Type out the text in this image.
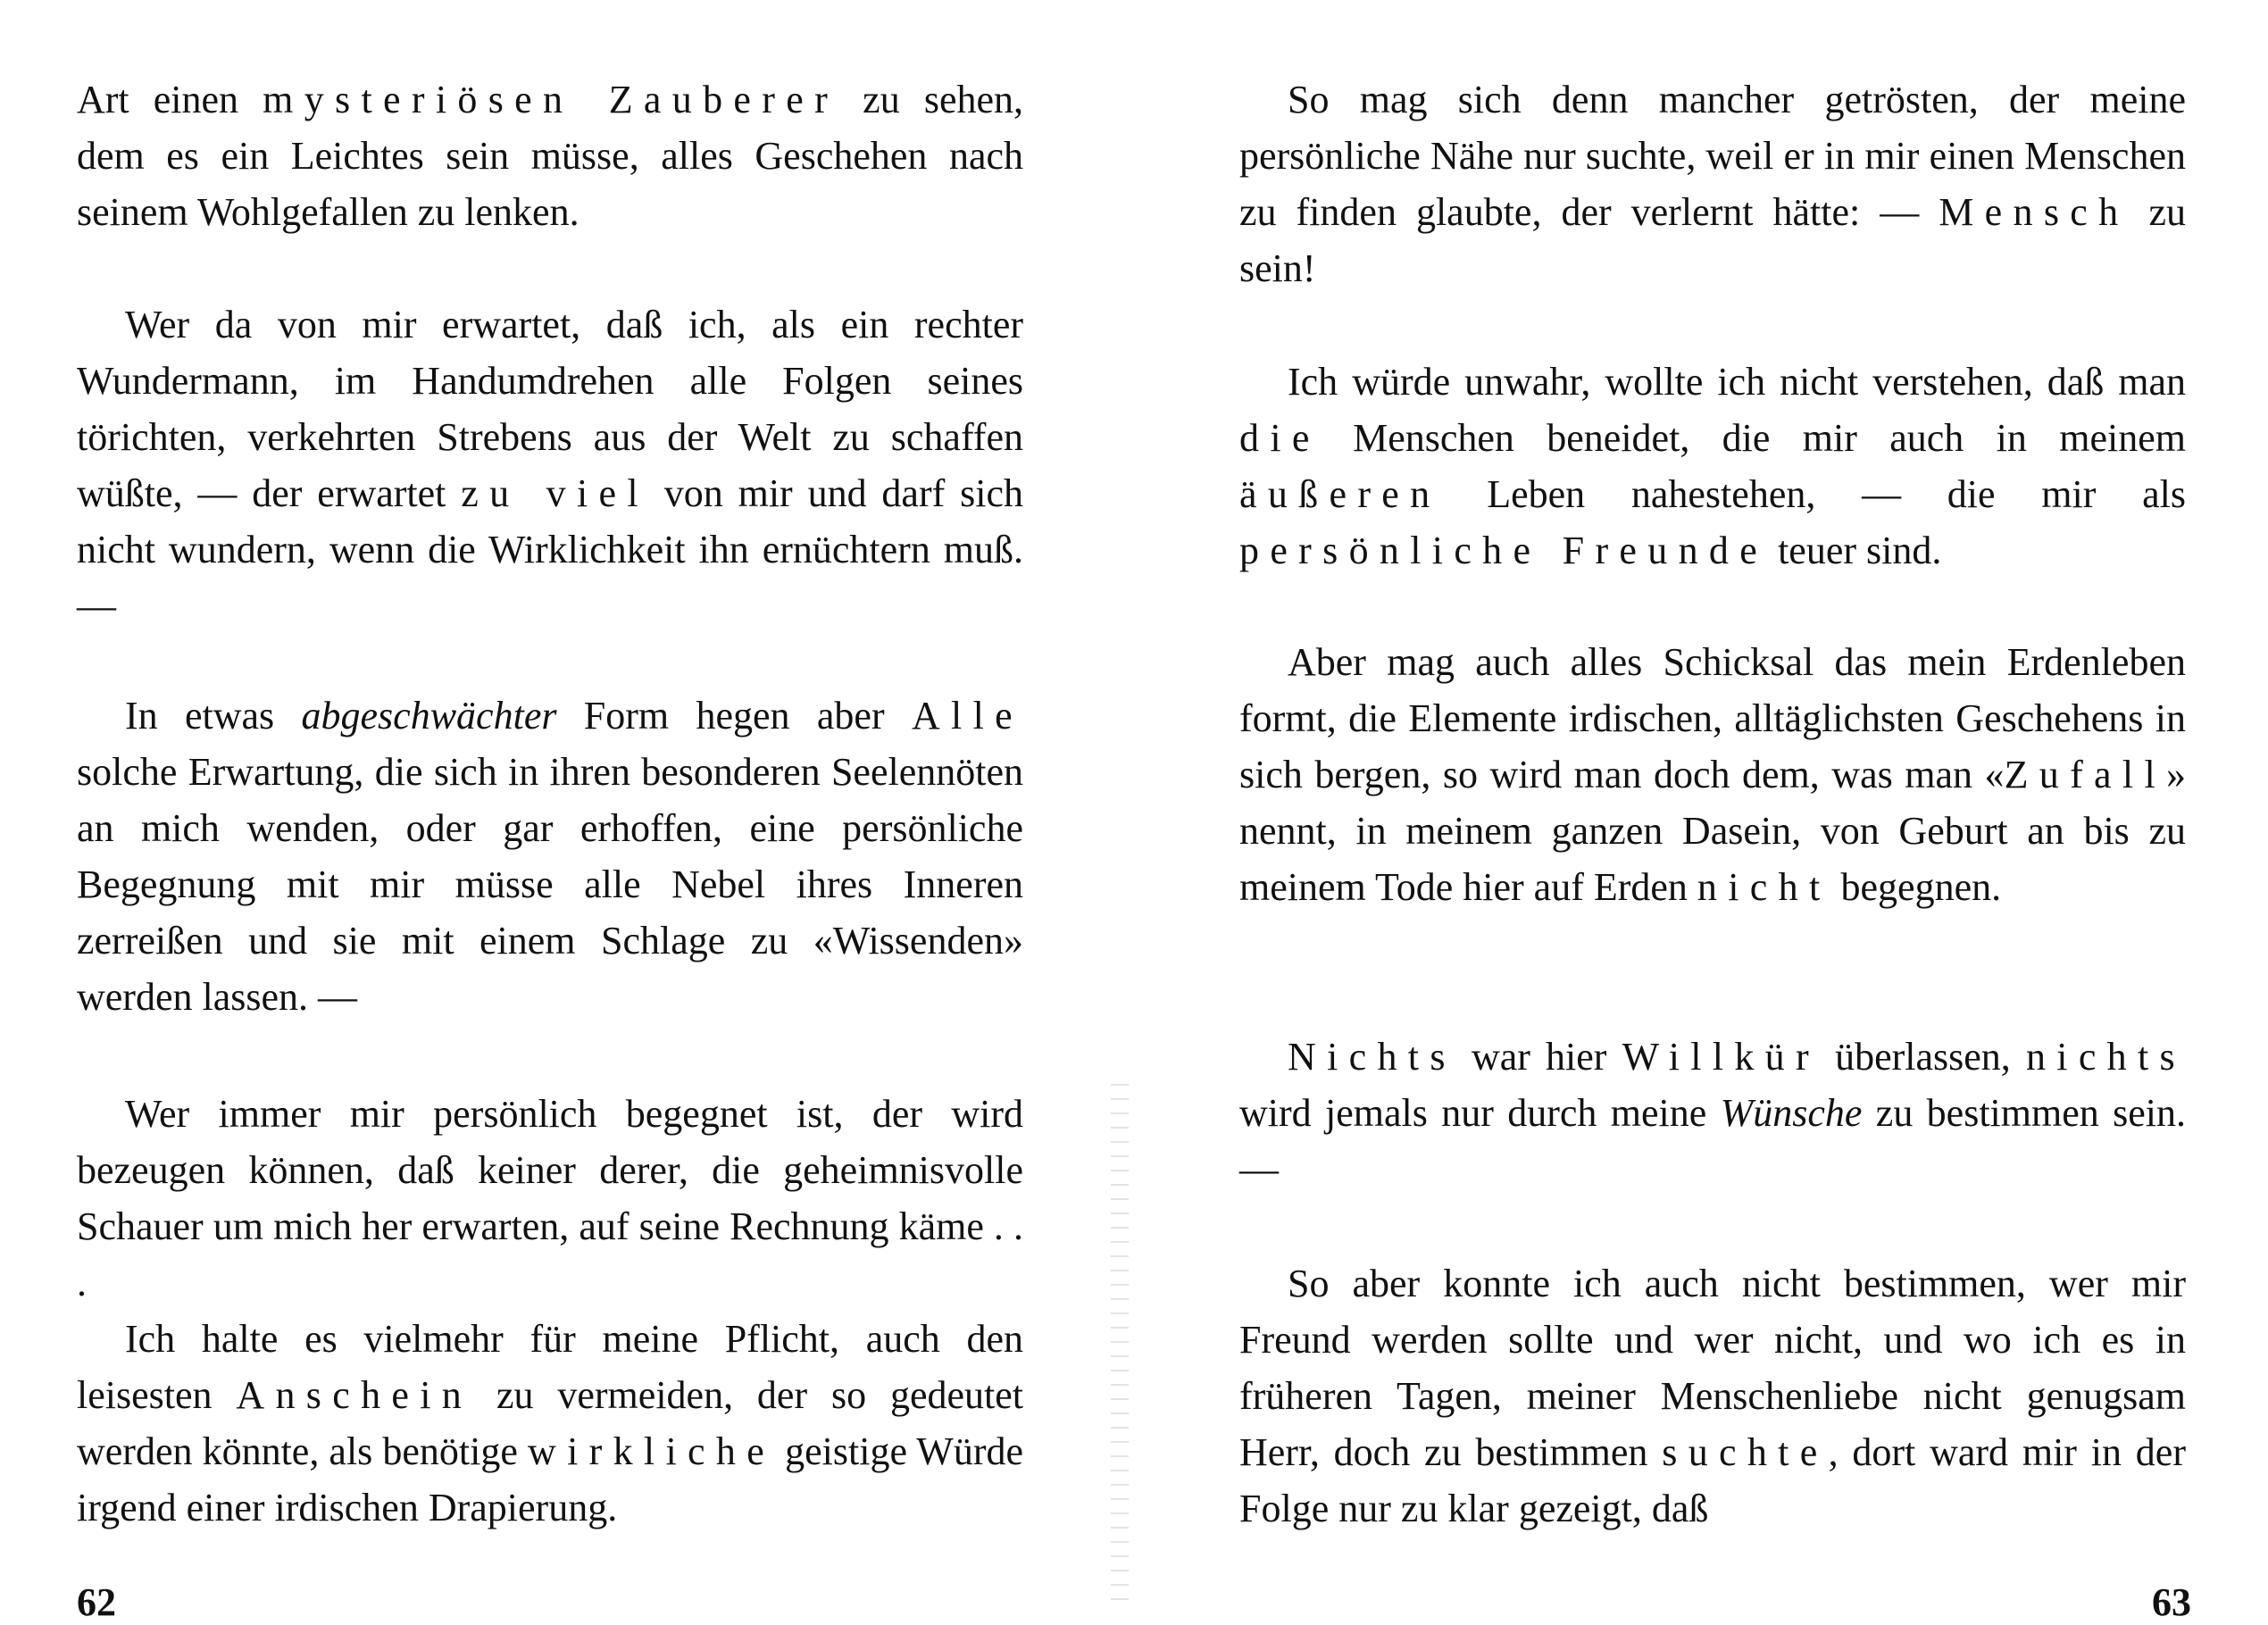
Art einen mysteriösen Zauberer zu sehen, dem es ein Leichtes sein müsse, alles Geschehen nach seinem Wohlgefallen zu lenken.

Wer da von mir erwartet, daß ich, als ein rechter Wundermann, im Handumdrehen alle Folgen seines törichten, verkehrten Strebens aus der Welt zu schaffen wüßte, — der erwartet zu viel von mir und darf sich nicht wundern, wenn die Wirklichkeit ihn ernüchtern muß. —

In etwas abgeschwächter Form hegen aber Alle solche Erwartung, die sich in ihren besonderen Seelennöten an mich wenden, oder gar erhoffen, eine persönliche Begegnung mit mir müsse alle Nebel ihres Inneren zerreißen und sie mit einem Schlage zu «Wissenden» werden lassen. —

Wer immer mir persönlich begegnet ist, der wird bezeugen können, daß keiner derer, die geheimnisvolle Schauer um mich her erwarten, auf seine Rechnung käme . . .

Ich halte es vielmehr für meine Pflicht, auch den leisesten Anschein zu vermeiden, der so gedeutet werden könnte, als benötige wirkliche geistige Würde irgend einer irdischen Drapierung.

So mag sich denn mancher getrösten, der meine persönliche Nähe nur suchte, weil er in mir einen Menschen zu finden glaubte, der verlernt hätte: — Mensch zu sein!

Ich würde unwahr, wollte ich nicht verstehen, daß man die Menschen beneidet, die mir auch in meinem äußeren Leben nahestehen, — die mir als persönliche Freunde teuer sind.

Aber mag auch alles Schicksal das mein Erdenleben formt, die Elemente irdischen, alltäglichsten Geschehens in sich bergen, so wird man doch dem, was man «Zufall» nennt, in meinem ganzen Dasein, von Geburt an bis zu meinem Tode hier auf Erden nicht begegnen.

Nichts war hier Willkür überlassen, nichts wird jemals nur durch meine Wünsche zu bestimmen sein. —

So aber konnte ich auch nicht bestimmen, wer mir Freund werden sollte und wer nicht, und wo ich es in früheren Tagen, meiner Menschenliebe nicht genugsam Herr, doch zu bestimmen suchte, dort ward mir in der Folge nur zu klar gezeigt, daß

62	63
